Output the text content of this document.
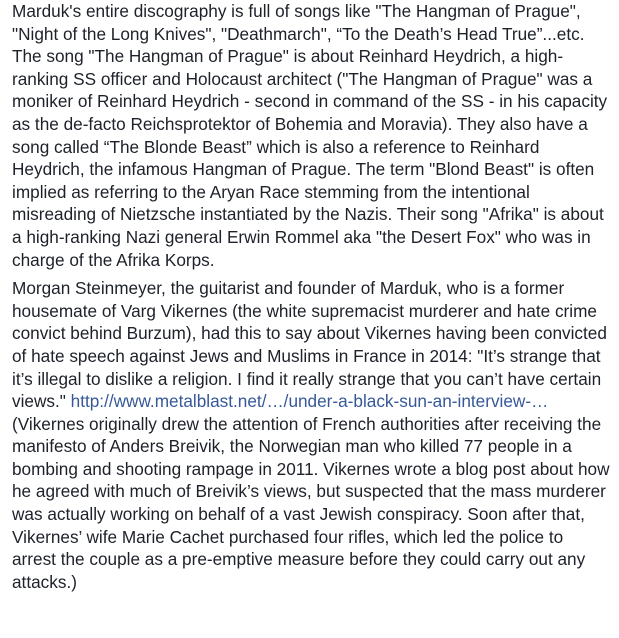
Marduk's entire discography is full of songs like "The Hangman of Prague", "Night of the Long Knives", "Deathmarch", “To the Death’s Head True”...etc. The song "The Hangman of Prague" is about Reinhard Heydrich, a high-ranking SS officer and Holocaust architect ("The Hangman of Prague" was a moniker of Reinhard Heydrich - second in command of the SS - in his capacity as the de-facto Reichsprotektor of Bohemia and Moravia). They also have a song called “The Blonde Beast” which is also a reference to Reinhard Heydrich, the infamous Hangman of Prague. The term "Blond Beast" is often implied as referring to the Aryan Race stemming from the intentional misreading of Nietzsche instantiated by the Nazis. Their song "Afrika" is about a high-ranking Nazi general Erwin Rommel aka "the Desert Fox" who was in charge of the Afrika Korps.

Morgan Steinmeyer, the guitarist and founder of Marduk, who is a former housemate of Varg Vikernes (the white supremacist murderer and hate crime convict behind Burzum), had this to say about Vikernes having been convicted of hate speech against Jews and Muslims in France in 2014: "It’s strange that it’s illegal to dislike a religion. I find it really strange that you can’t have certain views." http://www.metalblast.net/…/under-a-black-sun-an-interview-… (Vikernes originally drew the attention of French authorities after receiving the manifesto of Anders Breivik, the Norwegian man who killed 77 people in a bombing and shooting rampage in 2011. Vikernes wrote a blog post about how he agreed with much of Breivik’s views, but suspected that the mass murderer was actually working on behalf of a vast Jewish conspiracy. Soon after that, Vikernes’ wife Marie Cachet purchased four rifles, which led the police to arrest the couple as a pre-emptive measure before they could carry out any attacks.)
